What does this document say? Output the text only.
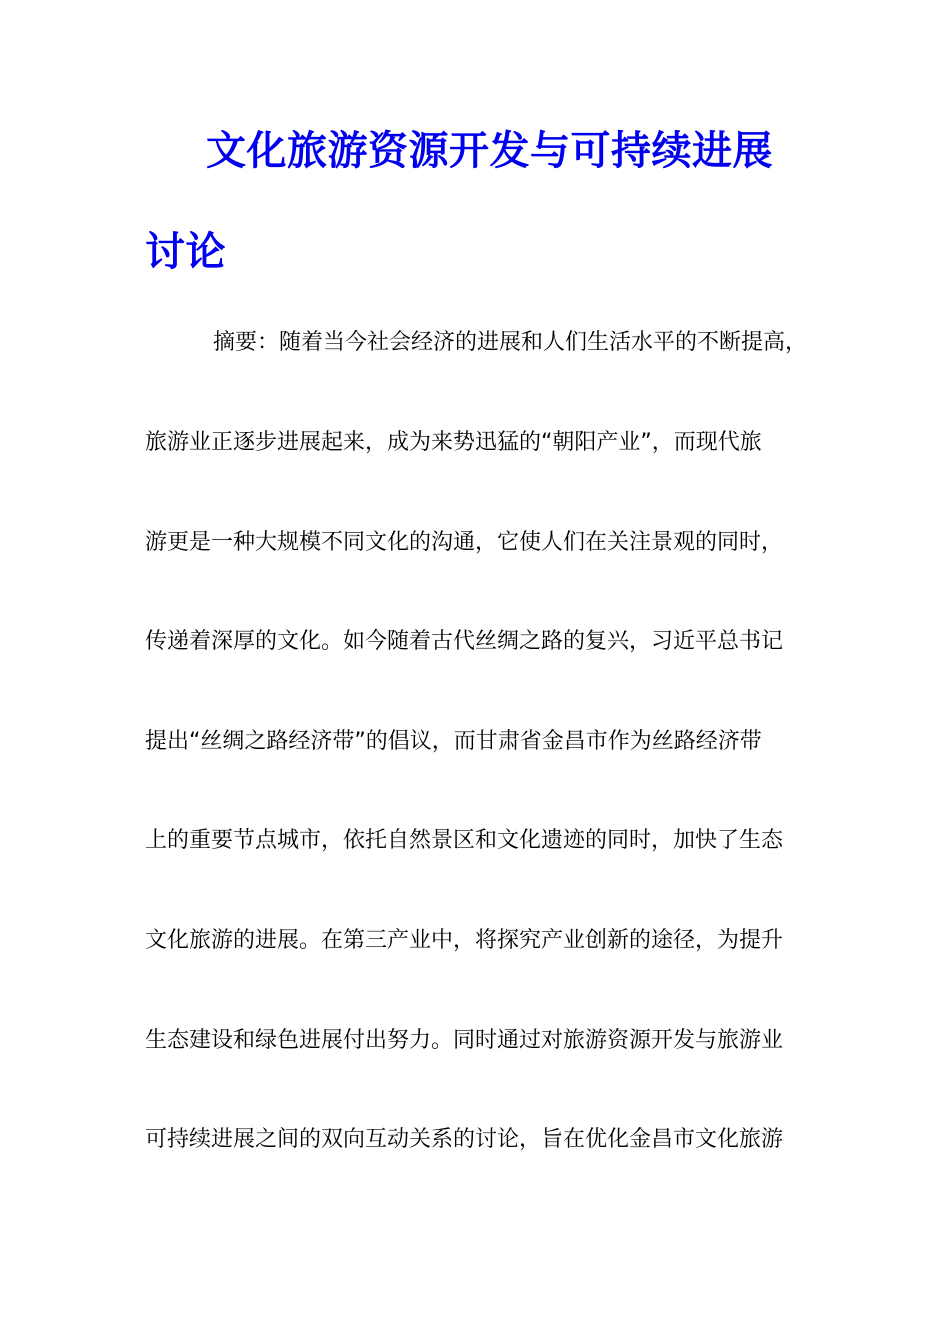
文化旅游资源开发与可持续进展
讨论
摘要：随着当今社会经济的进展和人们生活水平的不断提高，
旅游业正逐步进展起来，成为来势迅猛的“朝阳产业”，而现代旅
游更是一种大规模不同文化的沟通，它使人们在关注景观的同时，
传递着深厚的文化。如今随着古代丝绸之路的复兴，习近平总书记
提出“丝绸之路经济带”的倡议，而甘肃省金昌市作为丝路经济带
上的重要节点城市，依托自然景区和文化遗迹的同时，加快了生态
文化旅游的进展。在第三产业中，将探究产业创新的途径，为提升
生态建设和绿色进展付出努力。同时通过对旅游资源开发与旅游业
可持续进展之间的双向互动关系的讨论，旨在优化金昌市文化旅游
